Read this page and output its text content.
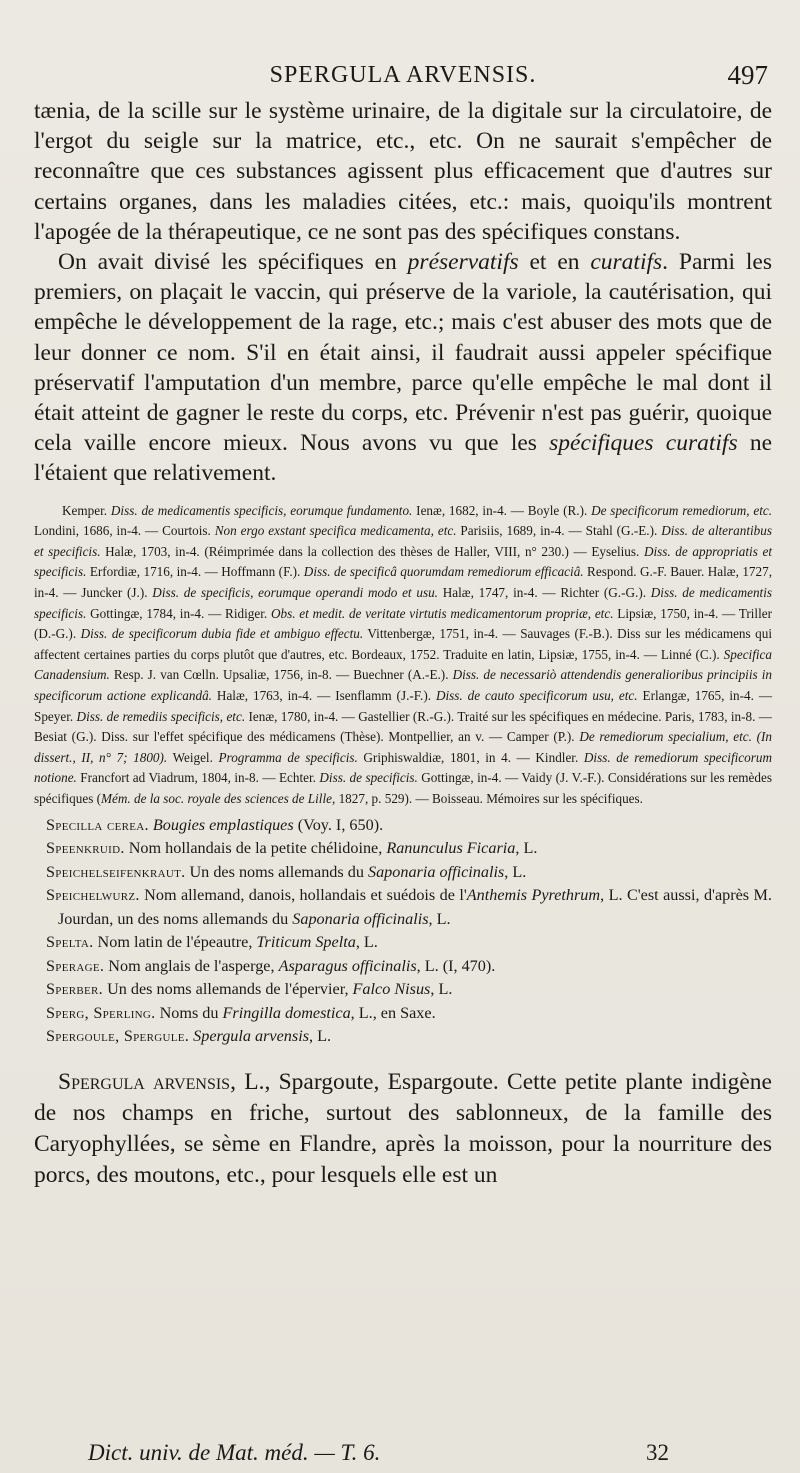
SPERGULA ARVENSIS.	497

tænia, de la scille sur le système urinaire, de la digitale sur la circulatoire, de l'ergot du seigle sur la matrice, etc., etc. On ne saurait s'empêcher de reconnaître que ces substances agissent plus efficacement que d'autres sur certains organes, dans les maladies citées, etc.: mais, quoiqu'ils montrent l'apogée de la thérapeutique, ce ne sont pas des spécifiques constans.

On avait divisé les spécifiques en préservatifs et en curatifs. Parmi les premiers, on plaçait le vaccin, qui préserve de la variole, la cautérisation, qui empêche le développement de la rage, etc.; mais c'est abuser des mots que de leur donner ce nom. S'il en était ainsi, il faudrait aussi appeler spécifique préservatif l'amputation d'un membre, parce qu'elle empêche le mal dont il était atteint de gagner le reste du corps, etc. Prévenir n'est pas guérir, quoique cela vaille encore mieux. Nous avons vu que les spécifiques curatifs ne l'étaient que relativement.

Kemper. Diss. de medicamentis specificis, eorumque fundamento. Ienæ, 1682, in-4. — Boyle (R.). De specificorum remediorum, etc. Londini, 1686, in-4. — Courtois. Non ergo exstant specifica medicamenta, etc. Parisiis, 1689, in-4. — Stahl (G.-E.). Diss. de alterantibus et specificis. Halæ, 1703, in-4. (Réimprimée dans la collection des thèses de Haller, VIII, n° 230.) — Eyselius. Diss. de appropriatis et specificis. Erfordiæ, 1716, in-4. — Hoffmann (F.). Diss. de specificâ quorumdam remediorum efficaciâ. Respond. G.-F. Bauer. Halæ, 1727, in-4. — Juncker (J.). Diss. de specificis, eorumque operandi modo et usu. Halæ, 1747, in-4. — Richter (G.-G.). Diss. de medicamentis specificis. Gottingæ, 1784, in-4. — Ridiger. Obs. et medit. de veritate virtutis medicamentorum propriæ, etc. Lipsiæ, 1750, in-4. — Triller (D.-G.). Diss. de specificorum dubia fide et ambiguo effectu. Vittenbergæ, 1751, in-4. — Sauvages (F.-B.). Diss sur les médicamens qui affectent certaines parties du corps plutôt que d'autres, etc. Bordeaux, 1752. Traduite en latin, Lipsiæ, 1755, in-4. — Linné (C.). Specifica Canadensium. Resp. J. van Cœlln. Upsaliæ, 1756, in-8. — Buechner (A.-E.). Diss. de necessariò attendendis generalioribus principiis in specificorum actione explicandâ. Halæ, 1763, in-4. — Isenflamm (J.-F.). Diss. de cauto specificorum usu, etc. Erlangæ, 1765, in-4. — Speyer. Diss. de remediis specificis, etc. Ienæ, 1780, in-4. — Gastellier (R.-G.). Traité sur les spécifiques en médecine. Paris, 1783, in-8. — Besiat (G.). Diss. sur l'effet spécifique des médicamens (Thèse). Montpellier, an v. — Camper (P.). De remediorum specialium, etc. (In dissert., II, n° 7; 1800). Weigel. Programma de specificis. Griphiswaldiæ, 1801, in 4. — Kindler. Diss. de remediorum specificorum notione. Francfort ad Viadrum, 1804, in-8. — Echter. Diss. de specificis. Gottingæ, in-4. — Vaidy (J. V.-F.). Considérations sur les remèdes spécifiques (Mém. de la soc. royale des sciences de Lille, 1827, p. 529). — Boisseau. Mémoires sur les spécifiques.

Specilla cerea. Bougies emplastiques (Voy. I, 650).
Speenkruid. Nom hollandais de la petite chélidoine, Ranunculus Ficaria, L.
Speichelseifenkraut. Un des noms allemands du Saponaria officinalis, L.
Speichelwurz. Nom allemand, danois, hollandais et suédois de l'Anthemis Pyrethrum, L. C'est aussi, d'après M. Jourdan, un des noms allemands du Saponaria officinalis, L.
Spelta. Nom latin de l'épeautre, Triticum Spelta, L.
Sperage. Nom anglais de l'asperge, Asparagus officinalis, L. (I, 470).
Sperber. Un des noms allemands de l'épervier, Falco Nisus, L.
Sperg, Sperling. Noms du Fringilla domestica, L., en Saxe.
Spergoule, Spergule. Spergula arvensis, L.

Spergula arvensis, L., Spargoute, Espargoute. Cette petite plante indigène de nos champs en friche, surtout des sablonneux, de la famille des Caryophyllées, se sème en Flandre, après la moisson, pour la nourriture des porcs, des moutons, etc., pour lesquels elle est un

Dict. univ. de Mat. méd. — T. 6.	32
